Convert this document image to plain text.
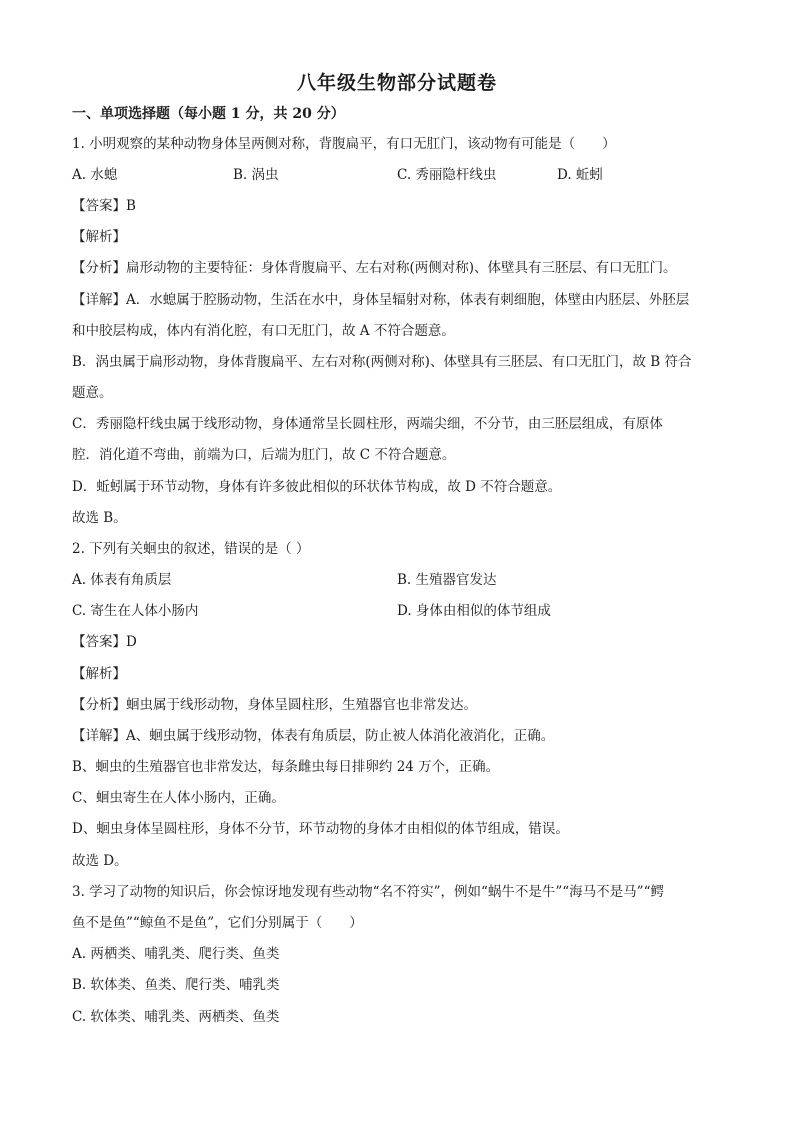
八年级生物部分试题卷
一、单项选择题（每小题 1 分，共 20 分）
1. 小明观察的某种动物身体呈两侧对称，背腹扁平，有口无肛门，该动物有可能是（　　）
A. 水螅	B. 涡虫	C. 秀丽隐杆线虫	D. 蚯蚓
【答案】B
【解析】
【分析】扁形动物的主要特征：身体背腹扁平、左右对称(两侧对称)、体壁具有三胚层、有口无肛门。
【详解】A．水螅属于腔肠动物，生活在水中，身体呈辐射对称，体表有刺细胞，体壁由内胚层、外胚层
和中胶层构成，体内有消化腔，有口无肛门，故 A 不符合题意。
B．涡虫属于扁形动物，身体背腹扁平、左右对称(两侧对称)、体壁具有三胚层、有口无肛门，故 B 符合
题意。
C．秀丽隐杆线虫属于线形动物，身体通常呈长圆柱形，两端尖细，不分节，由三胚层组成，有原体
腔．消化道不弯曲，前端为口，后端为肛门，故 C 不符合题意。
D．蚯蚓属于环节动物，身体有许多彼此相似的环状体节构成，故 D 不符合题意。
故选 B。
2. 下列有关蛔虫的叙述，错误的是（ ）
A. 体表有角质层	B. 生殖器官发达
C. 寄生在人体小肠内	D. 身体由相似的体节组成
【答案】D
【解析】
【分析】蛔虫属于线形动物，身体呈圆柱形，生殖器官也非常发达。
【详解】A、蛔虫属于线形动物，体表有角质层，防止被人体消化液消化，正确。
B、蛔虫的生殖器官也非常发达，每条雌虫每日排卵约 24 万个，正确。
C、蛔虫寄生在人体小肠内，正确。
D、蛔虫身体呈圆柱形，身体不分节，环节动物的身体才由相似的体节组成，错误。
故选 D。
3. 学习了动物的知识后，你会惊讶地发现有些动物“名不符实”，例如“蜗牛不是牛”“海马不是马”“鳄
鱼不是鱼”“鲸鱼不是鱼”，它们分别属于（　　）
A. 两栖类、哺乳类、爬行类、鱼类
B. 软体类、鱼类、爬行类、哺乳类
C. 软体类、哺乳类、两栖类、鱼类
